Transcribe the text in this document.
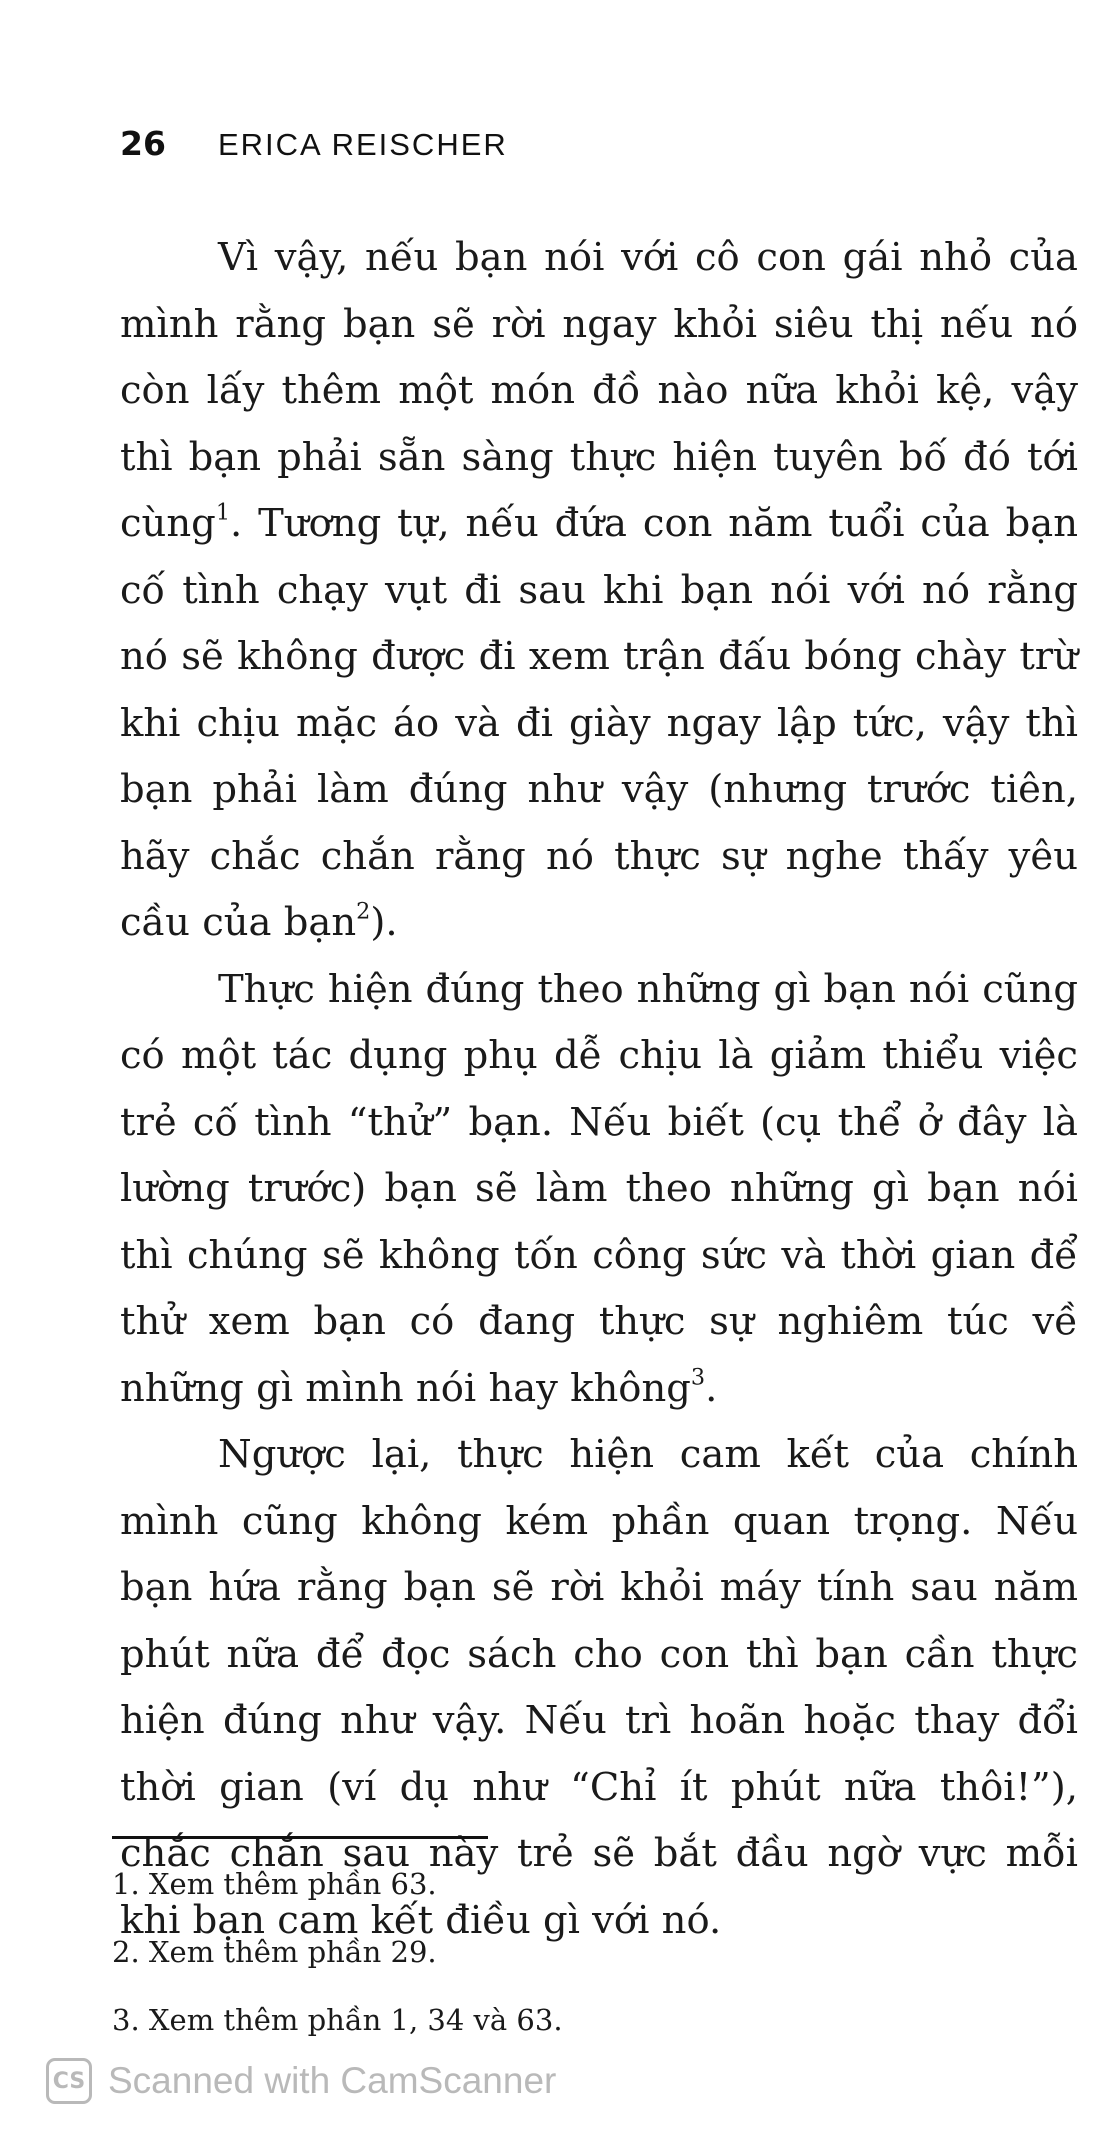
26 ERICA REISCHER

Vì vậy, nếu bạn nói với cô con gái nhỏ của mình rằng bạn sẽ rời ngay khỏi siêu thị nếu nó còn lấy thêm một món đồ nào nữa khỏi kệ, vậy thì bạn phải sẵn sàng thực hiện tuyên bố đó tới cùng$^1$. Tương tự, nếu đứa con năm tuổi của bạn cố tình chạy vụt đi sau khi bạn nói với nó rằng nó sẽ không được đi xem trận đấu bóng chày trừ khi chịu mặc áo và đi giày ngay lập tức, vậy thì bạn phải làm đúng như vậy (nhưng trước tiên, hãy chắc chắn rằng nó thực sự nghe thấy yêu cầu của bạn$^2$).

Thực hiện đúng theo những gì bạn nói cũng có một tác dụng phụ dễ chịu là giảm thiểu việc trẻ cố tình “thử” bạn. Nếu biết (cụ thể ở đây là lường trước) bạn sẽ làm theo những gì bạn nói thì chúng sẽ không tốn công sức và thời gian để thử xem bạn có đang thực sự nghiêm túc về những gì mình nói hay không$^3$.

Ngược lại, thực hiện cam kết của chính mình cũng không kém phần quan trọng. Nếu bạn hứa rằng bạn sẽ rời khỏi máy tính sau năm phút nữa để đọc sách cho con thì bạn cần thực hiện đúng như vậy. Nếu trì hoãn hoặc thay đổi thời gian (ví dụ như “Chỉ ít phút nữa thôi!”), chắc chắn sau này trẻ sẽ bắt đầu ngờ vực mỗi khi bạn cam kết điều gì với nó.

1. Xem thêm phần 63.
2. Xem thêm phần 29.
3. Xem thêm phần 1, 34 và 63.
CS Scanned with CamScanner
